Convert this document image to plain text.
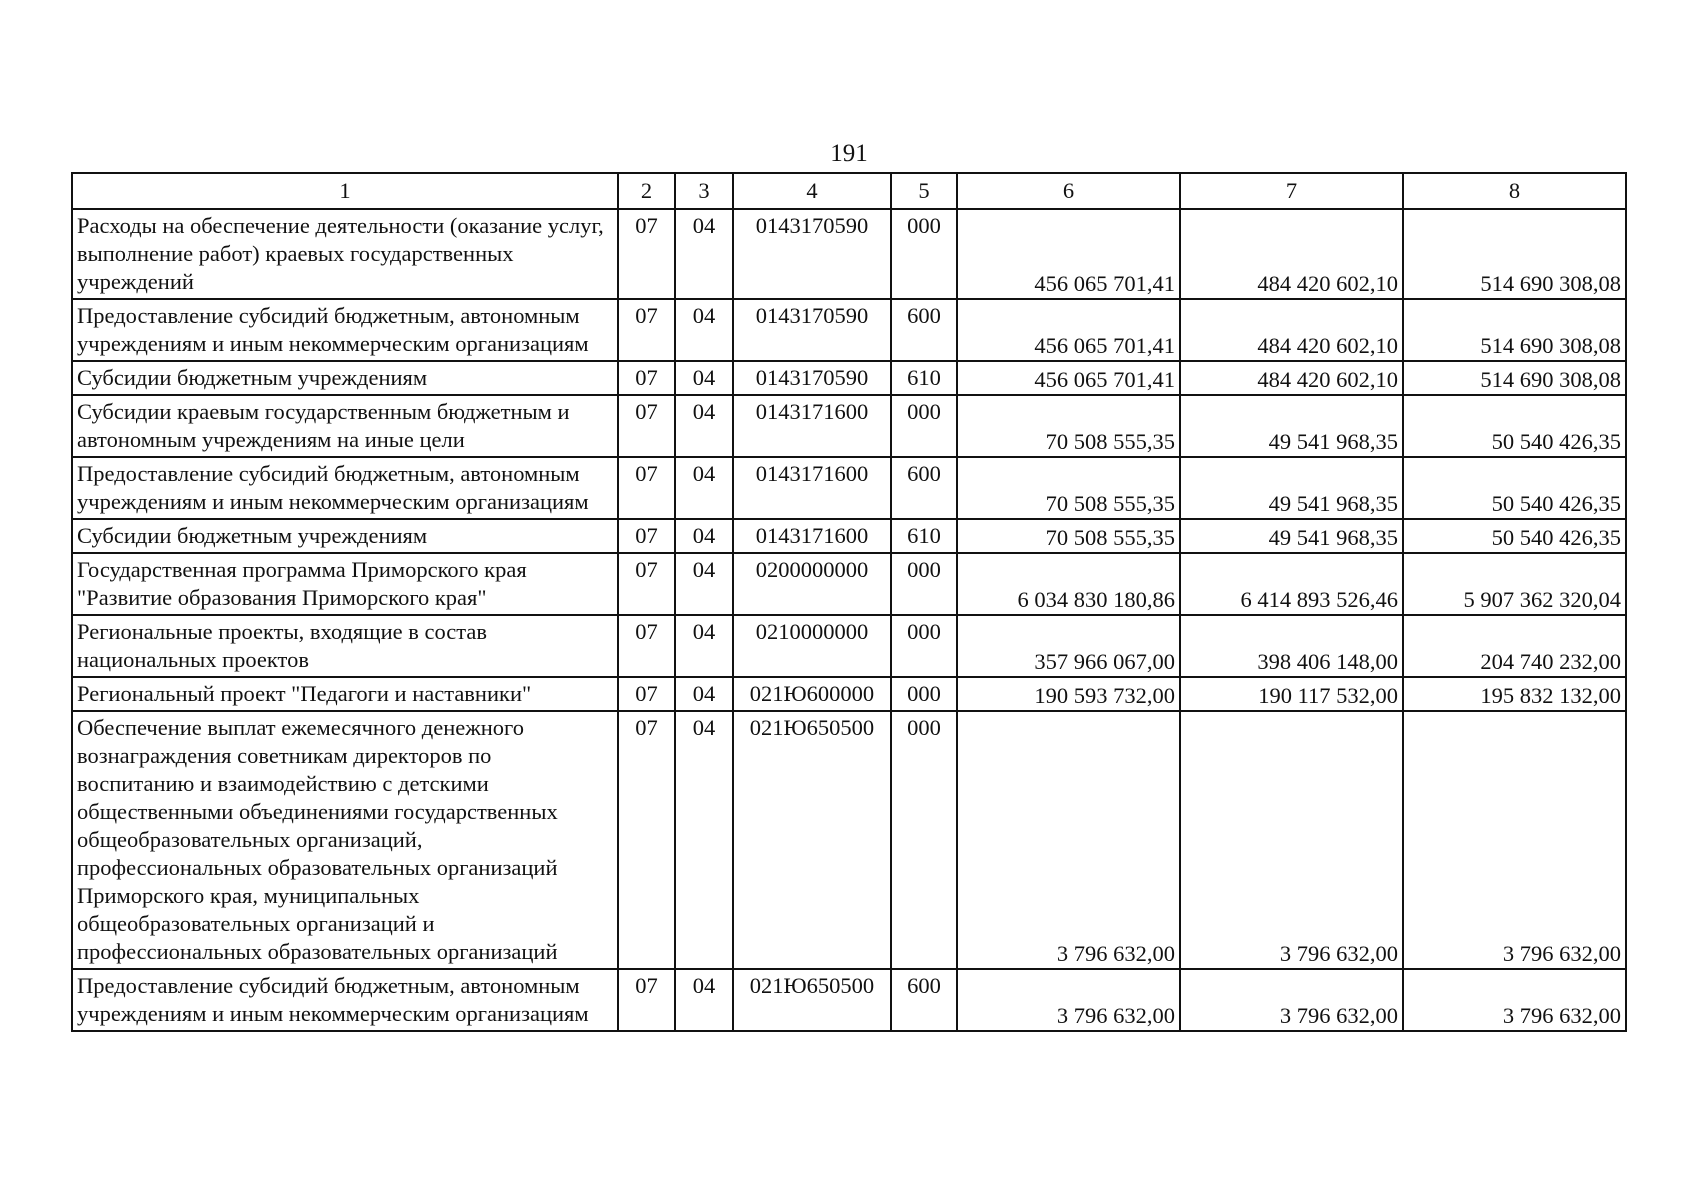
191
1	2	3	4	5	6	7	8
Расходы на обеспечение деятельности (оказание услуг, выполнение работ) краевых государственных учреждений	07	04	0143170590	000	456 065 701,41	484 420 602,10	514 690 308,08
Предоставление субсидий бюджетным, автономным учреждениям и иным некоммерческим организациям	07	04	0143170590	600	456 065 701,41	484 420 602,10	514 690 308,08
Субсидии бюджетным учреждениям	07	04	0143170590	610	456 065 701,41	484 420 602,10	514 690 308,08
Субсидии краевым государственным бюджетным и автономным учреждениям на иные цели	07	04	0143171600	000	70 508 555,35	49 541 968,35	50 540 426,35
Предоставление субсидий бюджетным, автономным учреждениям и иным некоммерческим организациям	07	04	0143171600	600	70 508 555,35	49 541 968,35	50 540 426,35
Субсидии бюджетным учреждениям	07	04	0143171600	610	70 508 555,35	49 541 968,35	50 540 426,35
Государственная программа Приморского края "Развитие образования Приморского края"	07	04	0200000000	000	6 034 830 180,86	6 414 893 526,46	5 907 362 320,04
Региональные проекты, входящие в состав национальных проектов	07	04	0210000000	000	357 966 067,00	398 406 148,00	204 740 232,00
Региональный проект "Педагоги и наставники"	07	04	021Ю600000	000	190 593 732,00	190 117 532,00	195 832 132,00
Обеспечение выплат ежемесячного денежного вознаграждения советникам директоров по воспитанию и взаимодействию с детскими общественными объединениями государственных общеобразовательных организаций, профессиональных образовательных организаций Приморского края, муниципальных общеобразовательных организаций и профессиональных образовательных организаций	07	04	021Ю650500	000	3 796 632,00	3 796 632,00	3 796 632,00
Предоставление субсидий бюджетным, автономным учреждениям и иным некоммерческим организациям	07	04	021Ю650500	600	3 796 632,00	3 796 632,00	3 796 632,00
